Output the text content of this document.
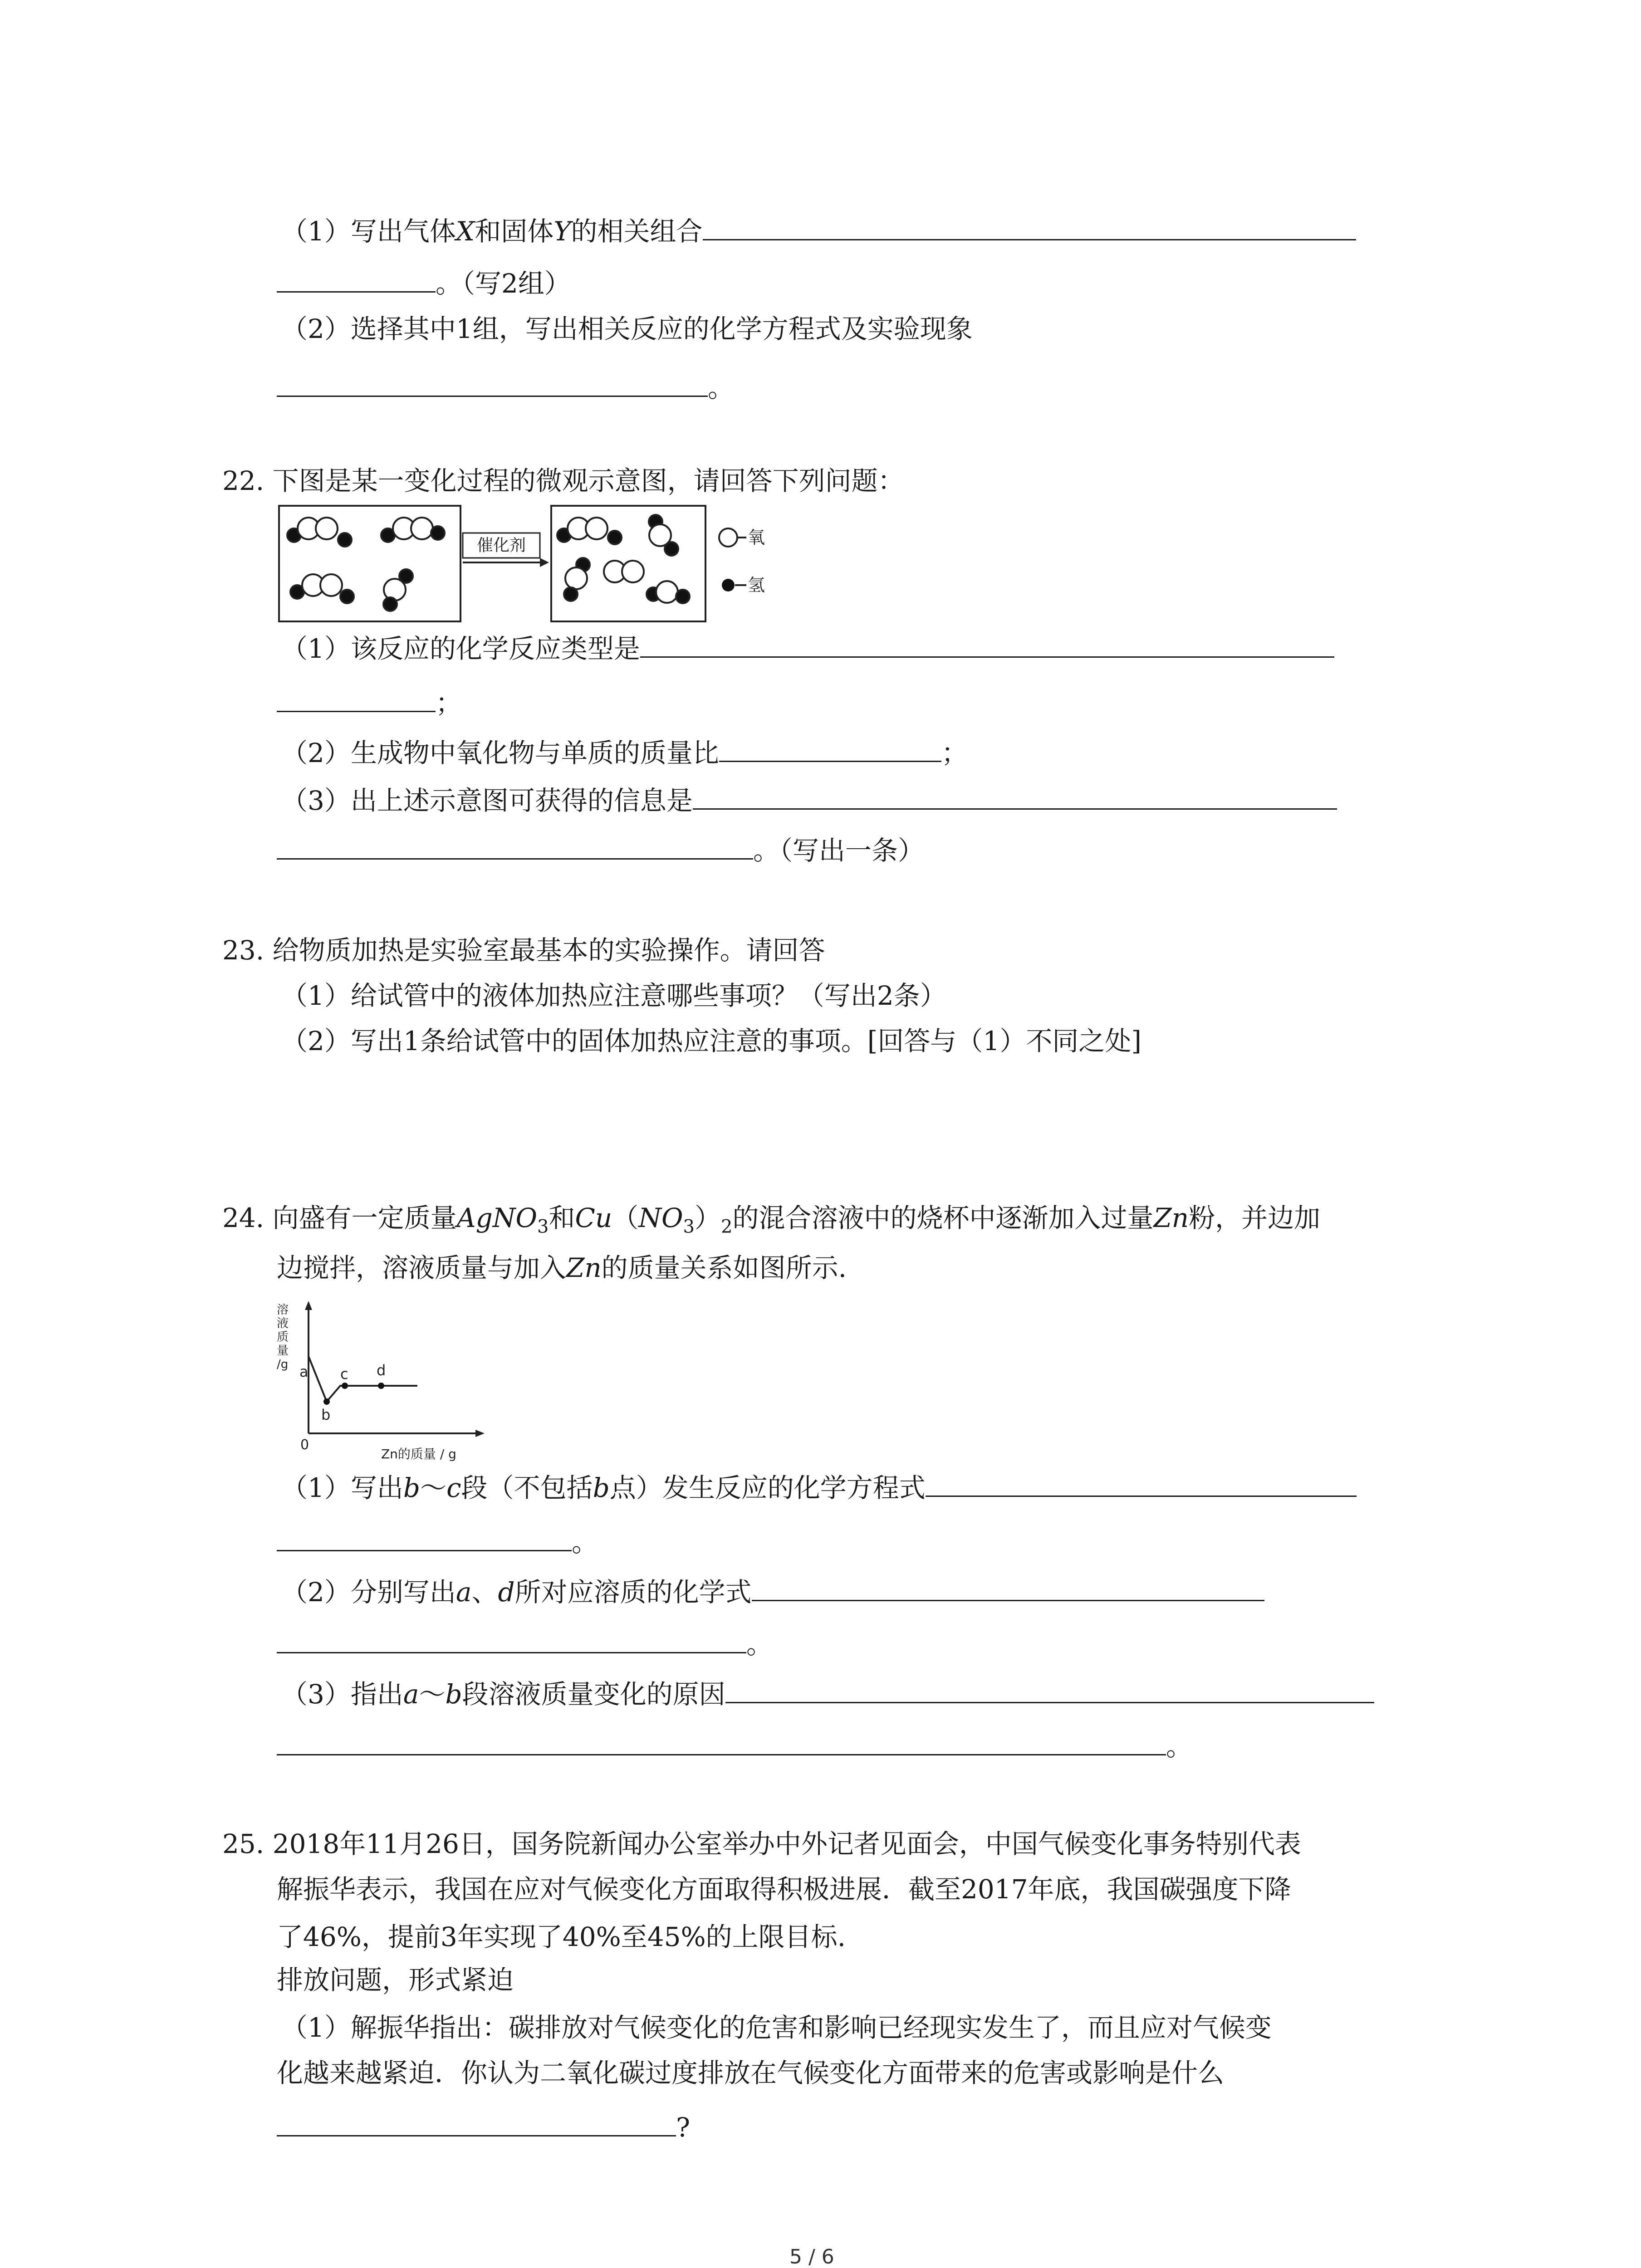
（1）写出气体X和固体Y的相关组合
。（写2组）
（2）选择其中1组，写出相关反应的化学方程式及实验现象
。
22. 下图是某一变化过程的微观示意图，请回答下列问题：
催化剂	氧
氢
（1）该反应的化学反应类型是
；
（2）生成物中氧化物与单质的质量比	；
（3）出上述示意图可获得的信息是
。（写出一条）
23. 给物质加热是实验室最基本的实验操作。请回答
（1）给试管中的液体加热应注意哪些事项？（写出2条）
（2）写出1条给试管中的固体加热应注意的事项。[回答与（1）不同之处]
24. 向盛有一定质量AgNO$_3$和$Cu(NO_3)_2$的混合溶液中的烧杯中逐渐加入过量Zn粉，并边加
边搅拌，溶液质量与加入Zn的质量关系如图所示.
溶液质量/g a
b
c d
0
Zn的质量 / g
（1）写出b～c段（不包括b点）发生反应的化学方程式
。
（2）分别写出a、d所对应溶质的化学式
。
（3）指出a～b段溶液质量变化的原因
。
25. 2018年11月26日，国务院新闻办公室举办中外记者见面会，中国气候变化事务特别代表
解振华表示，我国在应对气候变化方面取得积极进展．截至2017年底，我国碳强度下降
了46%，提前3年实现了40%至45%的上限目标.
排放问题，形式紧迫
（1）解振华指出：碳排放对气候变化的危害和影响已经现实发生了，而且应对气候变
化越来越紧迫．你认为二氧化碳过度排放在气候变化方面带来的危害或影响是什么
?
5 / 6
